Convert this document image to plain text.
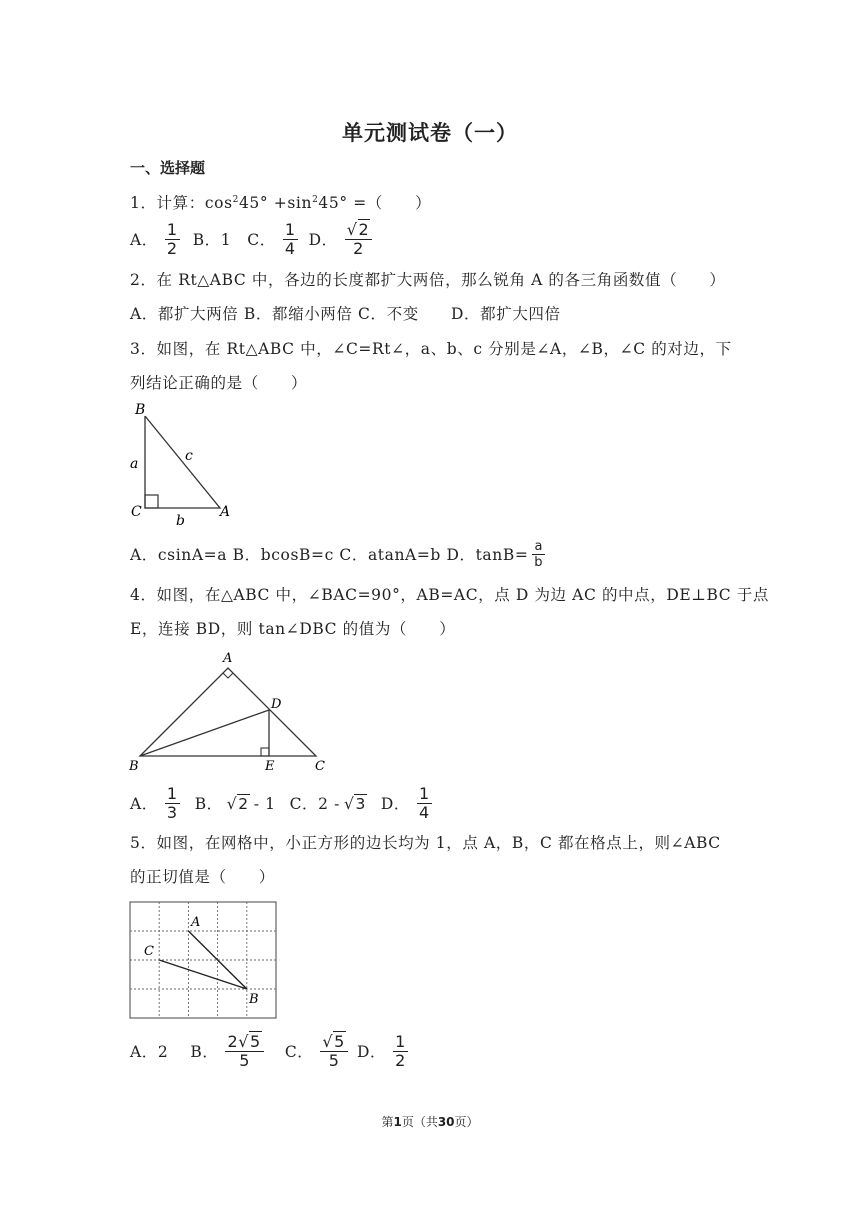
单元测试卷（一）
一、选择题
1．计算：$\cos^245^\circ +\sin^245^\circ$ =（　　）
A． $\frac{1}{2}$ B．1 C． $\frac{1}{4}$ D． $\frac{√2}{2}$
2．在 Rt△ABC 中，各边的长度都扩大两倍，那么锐角 A 的各三角函数值（　　）
A．都扩大两倍 B．都缩小两倍 C．不变　　D．都扩大四倍
3．如图，在 Rt△ABC 中，∠C=Rt∠，a、b、c 分别是∠A，∠B，∠C 的对边，下
列结论正确的是（　　）
B
C	A
a
b
c
A．csinA=a B．bcosB=c C．atanA=b D．$\tan B= \frac{a}{b}$
4．如图，在△ABC 中，∠BAC=90°，AB=AC，点 D 为边 AC 的中点，DE⊥BC 于点
E，连接 BD，则 tan∠DBC 的值为（　　）
A
B	C
D
E
A． $\frac{1}{3}$ B． √2 - 1 C．2 - √3 D． $\frac{1}{4}$
5．如图，在网格中，小正方形的边长均为 1，点 A，B，C 都在格点上，则∠ABC
的正切值是（　　）
A
C
B
A．2 B． $\frac{2√5}{5}$ C． $\frac{√5}{5}$ D． $\frac{1}{2}$
第1页（共30页）
